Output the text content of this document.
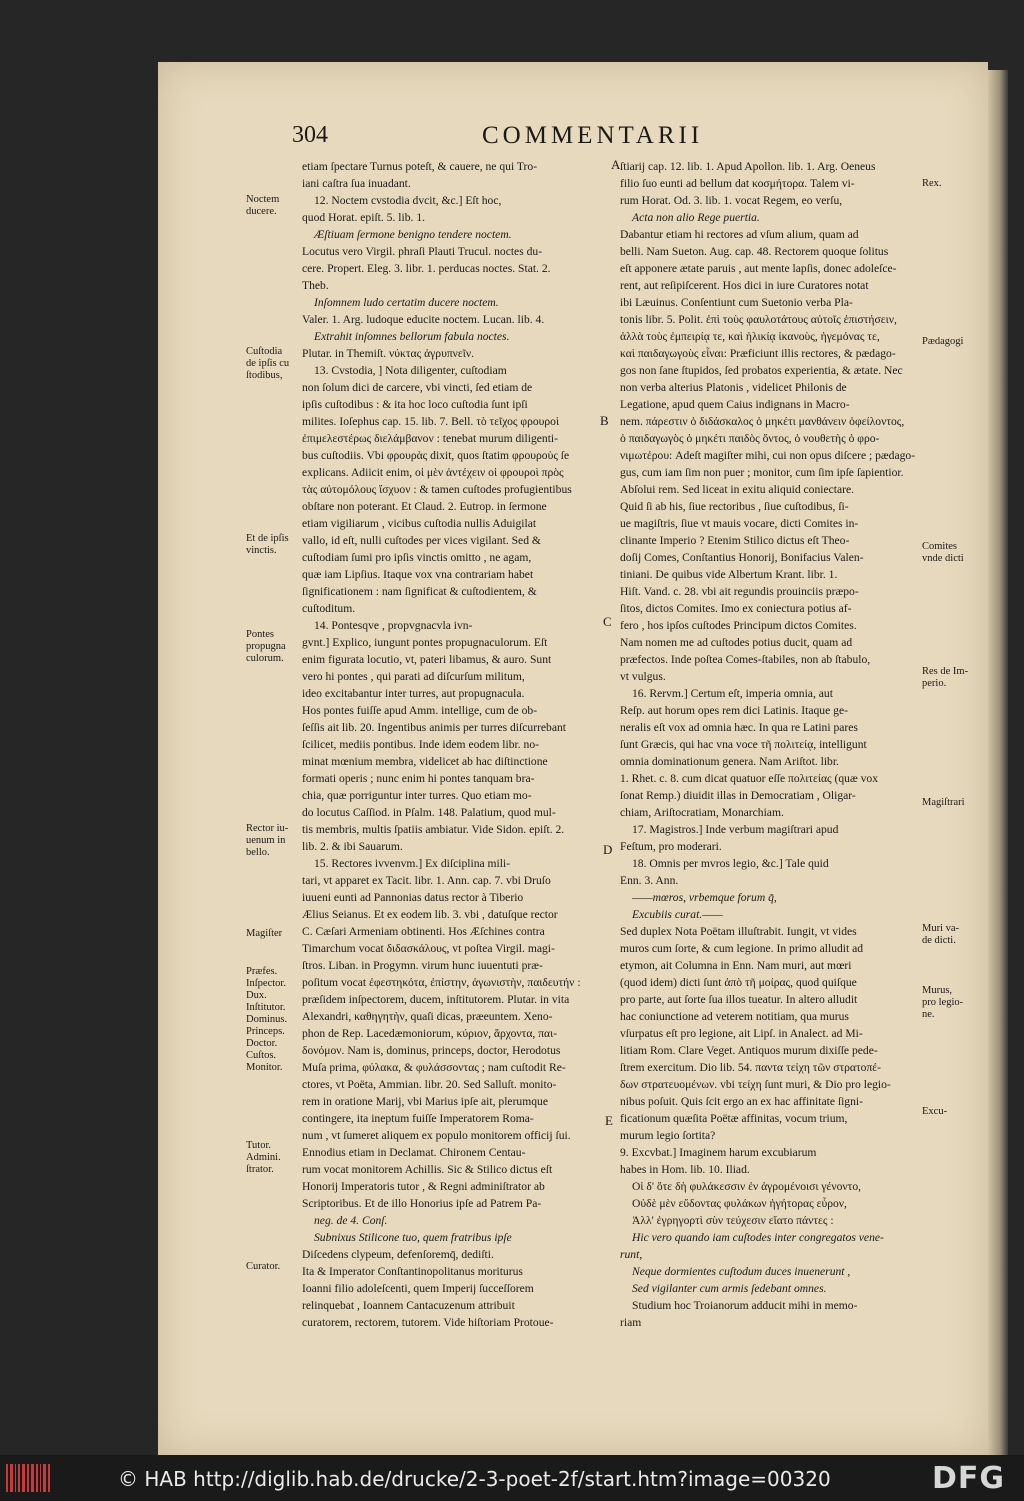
304	COMMENTARII

etiam ſpectare Turnus poteſt, & cauere, ne qui Tro-

iani caſtra ſua inuadant.

12. Noctem cvstodia dvcit, &c.] Eſt hoc,

quod Horat. epiſt. 5. lib. 1.

Æſtiuam ſermone benigno tendere noctem.

Locutus vero Virgil. phraſi Plauti Trucul. noctes du-

cere. Propert. Eleg. 3. libr. 1. perducas noctes. Stat. 2.

Theb.

Inſomnem ludo certatim ducere noctem.

Valer. 1. Arg. ludoque educite noctem. Lucan. lib. 4.

Extrahit inſomnes bellorum fabula noctes.

Plutar. in Themiſt. νύκτας ἀγρυπνεῖν.

13. Cvstodia, ] Nota diligenter, cuſtodiam

non ſolum dici de carcere, vbi vincti, ſed etiam de

ipſis cuſtodibus : & ita hoc loco cuſtodia ſunt ipſi

milites. Ioſephus cap. 15. lib. 7. Bell. τὸ τεῖχος φρουροὶ

ἐπιμελεστέρως διελάμβανον : tenebat murum diligenti-

bus cuſtodiis. Vbi φρουρὰς dixit, quos ſtatim φρουροὺς ſe

explicans. Adiicit enim, οἱ μὲν ἀντέχειν οἱ φρουροὶ πρὸς

τὰς αὐτομόλους ἴσχυον : & tamen cuſtodes profugientibus

obſtare non poterant. Et Claud. 2. Eutrop. in ſermone

etiam vigiliarum , vicibus cuſtodia nullis Aduigilat

vallo, id eſt, nulli cuſtodes per vices vigilant. Sed &

cuſtodiam ſumi pro ipſis vinctis omitto , ne agam,

quæ iam Lipſius. Itaque vox vna contrariam habet

ſignificationem : nam ſignificat & cuſtodientem, &

cuſtoditum.

14. Pontesqve , propvgnacvla ivn-

gvnt.] Explico, iungunt pontes propugnaculorum. Eſt

enim figurata locutio, vt, pateri libamus, & auro. Sunt

vero hi pontes , qui parati ad diſcurſum militum,

ideo excitabantur inter turres, aut propugnacula.

Hos pontes fuiſſe apud Amm. intellige, cum de ob-

ſeſſis ait lib. 20. Ingentibus animis per turres diſcurrebant

ſcilicet, mediis pontibus. Inde idem eodem libr. no-

minat mœnium membra, videlicet ab hac diſtinctione

formati operis ; nunc enim hi pontes tanquam bra-

chia, quæ porriguntur inter turres. Quo etiam mo-

do locutus Caſſiod. in Pſalm. 148. Palatium, quod mul-

tis membris, multis ſpatiis ambiatur. Vide Sidon. epiſt. 2.

lib. 2. & ibi Sauarum.

15. Rectores ivvenvm.] Ex diſciplina mili-

tari, vt apparet ex Tacit. libr. 1. Ann. cap. 7. vbi Druſo

iuueni eunti ad Pannonias datus rector à Tiberio

Ælius Seianus. Et ex eodem lib. 3. vbi , datuſque rector

C. Cæſari Armeniam obtinenti. Hos Æſchines contra

Timarchum vocat διδασκάλους, vt poſtea Virgil. magi-

ſtros. Liban. in Progymn. virum hunc iuuentuti præ-

poſitum vocat ἐφεστηκότα, ἐπίστην, ἀγωνιστὴν, παιδευτήν :

præſidem inſpectorem, ducem, inſtitutorem. Plutar. in vita

Alexandri, καθηγητὴν, quaſi dicas, præeuntem. Xeno-

phon de Rep. Lacedæmoniorum, κύριον, ἄρχοντα, παι-

δονόμον. Nam is, dominus, princeps, doctor, Herodotus

Muſa prima, φύλακα, & φυλάσσοντας ; nam cuſtodit Re-

ctores, vt Poëta, Ammian. libr. 20. Sed Salluſt. monito-

rem in oratione Marij, vbi Marius ipſe ait, plerumque

contingere, ita ineptum fuiſſe Imperatorem Roma-

num , vt ſumeret aliquem ex populo monitorem officij ſui.

Ennodius etiam in Declamat. Chironem Centau-

rum vocat monitorem Achillis. Sic & Stilico dictus eſt

Honorij Imperatoris tutor , & Regni adminiſtrator ab

Scriptoribus. Et de illo Honorius ipſe ad Patrem Pa-

neg. de 4. Conſ.

Subnixus Stilicone tuo, quem fratribus ipſe

Diſcedens clypeum, defenſoremq̄, dediſti.

Ita & Imperator Conſtantinopolitanus moriturus

Ioanni filio adoleſcenti, quem Imperij ſucceſſorem

relinquebat , Ioannem Cantacuzenum attribuit

curatorem, rectorem, tutorem. Vide hiſtoriam Protoue-

ſtiarij cap. 12. lib. 1. Apud Apollon. lib. 1. Arg. Oeneus

filio ſuo eunti ad bellum dat κοσμήτορα. Talem vi-

rum Horat. Od. 3. lib. 1. vocat Regem, eo verſu,

Acta non alio Rege puertia.

Dabantur etiam hi rectores ad vſum alium, quam ad

belli. Nam Sueton. Aug. cap. 48. Rectorem quoque ſolitus

eſt apponere ætate paruis , aut mente lapſis, donec adoleſce-

rent, aut reſipiſcerent. Hos dici in iure Curatores notat

ibi Læuinus. Conſentiunt cum Suetonio verba Pla-

tonis libr. 5. Polit. ἐπὶ τοὺς φαυλοτάτους αὐτοῖς ἐπιστήσειν,

ἀλλὰ τοὺς ἐμπειρίᾳ τε, καὶ ἡλικίᾳ ἱκανοὺς, ἡγεμόνας τε,

καὶ παιδαγωγοὺς εἶναι: Præficiunt illis rectores, & pædago-

gos non ſane ſtupidos, ſed probatos experientia, & ætate. Nec

non verba alterius Platonis , videlicet Philonis de

Legatione, apud quem Caius indignans in Macro-

nem. πάρεστιν ὁ διδάσκαλος ὁ μηκέτι μανθάνειν ὀφείλοντος,

ὁ παιδαγωγὸς ὁ μηκέτι παιδὸς ὄντος, ὁ νουθετὴς ὁ φρο-

νιμωτέρου: Adeſt magiſter mihi, cui non opus diſcere ; pædago-

gus, cum iam ſim non puer ; monitor, cum ſim ipſe ſapientior.

Abſolui rem. Sed liceat in exitu aliquid coniectare.

Quid ſi ab his, ſiue rectoribus , ſiue cuſtodibus, ſi-

ue magiſtris, ſiue vt mauis vocare, dicti Comites in-

clinante Imperio ? Etenim Stilico dictus eſt Theo-

doſij Comes, Conſtantius Honorij, Bonifacius Valen-

tiniani. De quibus vide Albertum Krant. libr. 1.

Hiſt. Vand. c. 28. vbi ait regundis prouinciis præpo-

ſitos, dictos Comites. Imo ex coniectura potius af-

fero , hos ipſos cuſtodes Principum dictos Comites.

Nam nomen me ad cuſtodes potius ducit, quam ad

præfectos. Inde poſtea Comes-ſtabiles, non ab ſtabulo,

vt vulgus.

16. Rervm.] Certum eſt, imperia omnia, aut

Reſp. aut horum opes rem dici Latinis. Itaque ge-

neralis eſt vox ad omnia hæc. In qua re Latini pares

ſunt Græcis, qui hac vna voce τῆ πολιτείᾳ, intelligunt

omnia dominationum genera. Nam Ariſtot. libr.

1. Rhet. c. 8. cum dicat quatuor eſſe πολιτείας (quæ vox

ſonat Remp.) diuidit illas in Democratiam , Oligar-

chiam, Ariſtocratiam, Monarchiam.

17. Magistros.] Inde verbum magiſtrari apud

Feſtum, pro moderari.

18. Omnis per mvros legio, &c.] Tale quid

Enn. 3. Ann.

——mœros, vrbemque forum q̄,

Excubiis curat.——

Sed duplex Nota Poëtam illuſtrabit. Iungit, vt vides

muros cum ſorte, & cum legione. In primo alludit ad

etymon, ait Columna in Enn. Nam muri, aut mœri

(quod idem) dicti ſunt ἀπὸ τῆ μοίρας, quod quiſque

pro parte, aut ſorte ſua illos tueatur. In altero alludit

hac coniunctione ad veterem notitiam, qua murus

vſurpatus eſt pro legione, ait Lipſ. in Analect. ad Mi-

litiam Rom. Clare Veget. Antiquos murum dixiſſe pede-

ſtrem exercitum. Dio lib. 54. παντα τεἰχη τῶν στρατοπέ-

δων στρατευομένων. vbi τείχη ſunt muri, & Dio pro legio-

nibus poſuit. Quis ſcit ergo an ex hac affinitate ſigni-

ficationum quæſita Poëtæ affinitas, vocum trium,

murum legio ſortita?

9. Excvbat.] Imaginem harum excubiarum

habes in Hom. lib. 10. Iliad.

Οἱ δ' ὅτε δὴ φυλάκεσσιν ἐν ἀγρομένοισι γένοντο,

Οὐδὲ μὲν εὕδοντας φυλάκων ἡγήτορας εὗρον,

Ἀλλ' ἐγρηγορτὶ σὺν τεύχεσιν εἵατο πάντες :

Hic vero quando iam cuſtodes inter congregatos vene-

runt,

Neque dormientes cuſtodum duces inuenerunt ,

Sed vigilanter cum armis ſedebant omnes.

Studium hoc Troianorum adducit mihi in memo-

riam

Noctem
ducere.
Cuſtodia
de ipſis cu
ſtodibus,
Et de ipſis
vinctis.
Pontes
propugna
culorum.
Rector iu-
uenum in
bello.
Magiſter
Præfes.
Inſpector.
Dux.
Inſtitutor.
Dominus.
Princeps.
Doctor.
Cuſtos.
Monitor.
Tutor.
Admini.
ſtrator.
Curator.
Rex.
Pædagogi
Comites
vnde dicti
Res de Im-
perio.
Magiſtrari
Muri va-
de dicti.
Murus,
pro legio-
ne.
Excu-
A
B
C
D
E
© HAB http://diglib.hab.de/drucke/2-3-poet-2f/start.htm?image=00320	DFG
